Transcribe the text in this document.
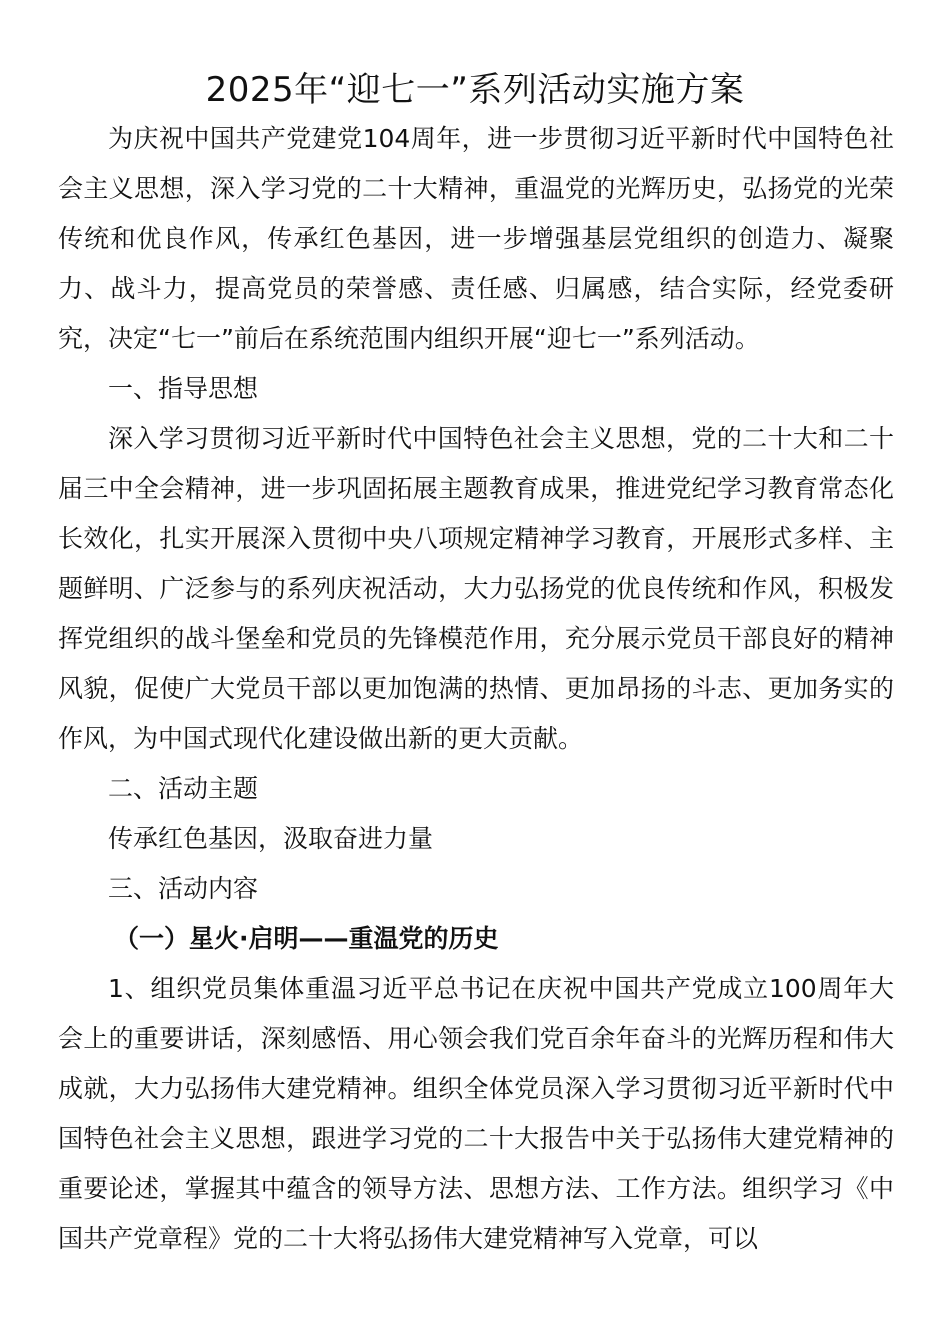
2025年“迎七一”系列活动实施方案

为庆祝中国共产党建党104周年，进一步贯彻习近平新时代中国特色社会主义思想，深入学习党的二十大精神，重温党的光辉历史，弘扬党的光荣传统和优良作风，传承红色基因，进一步增强基层党组织的创造力、凝聚力、战斗力，提高党员的荣誉感、责任感、归属感，结合实际，经党委研究，决定“七一”前后在系统范围内组织开展“迎七一”系列活动。

一、指导思想

深入学习贯彻习近平新时代中国特色社会主义思想，党的二十大和二十届三中全会精神，进一步巩固拓展主题教育成果，推进党纪学习教育常态化长效化，扎实开展深入贯彻中央八项规定精神学习教育，开展形式多样、主题鲜明、广泛参与的系列庆祝活动，大力弘扬党的优良传统和作风，积极发挥党组织的战斗堡垒和党员的先锋模范作用，充分展示党员干部良好的精神风貌，促使广大党员干部以更加饱满的热情、更加昂扬的斗志、更加务实的作风，为中国式现代化建设做出新的更大贡献。

二、活动主题

传承红色基因，汲取奋进力量

三、活动内容

（一）星火·启明——重温党的历史

1、组织党员集体重温习近平总书记在庆祝中国共产党成立100周年大会上的重要讲话，深刻感悟、用心领会我们党百余年奋斗的光辉历程和伟大成就，大力弘扬伟大建党精神。组织全体党员深入学习贯彻习近平新时代中国特色社会主义思想，跟进学习党的二十大报告中关于弘扬伟大建党精神的重要论述，掌握其中蕴含的领导方法、思想方法、工作方法。组织学习《中国共产党章程》党的二十大将弘扬伟大建党精神写入党章，可以
